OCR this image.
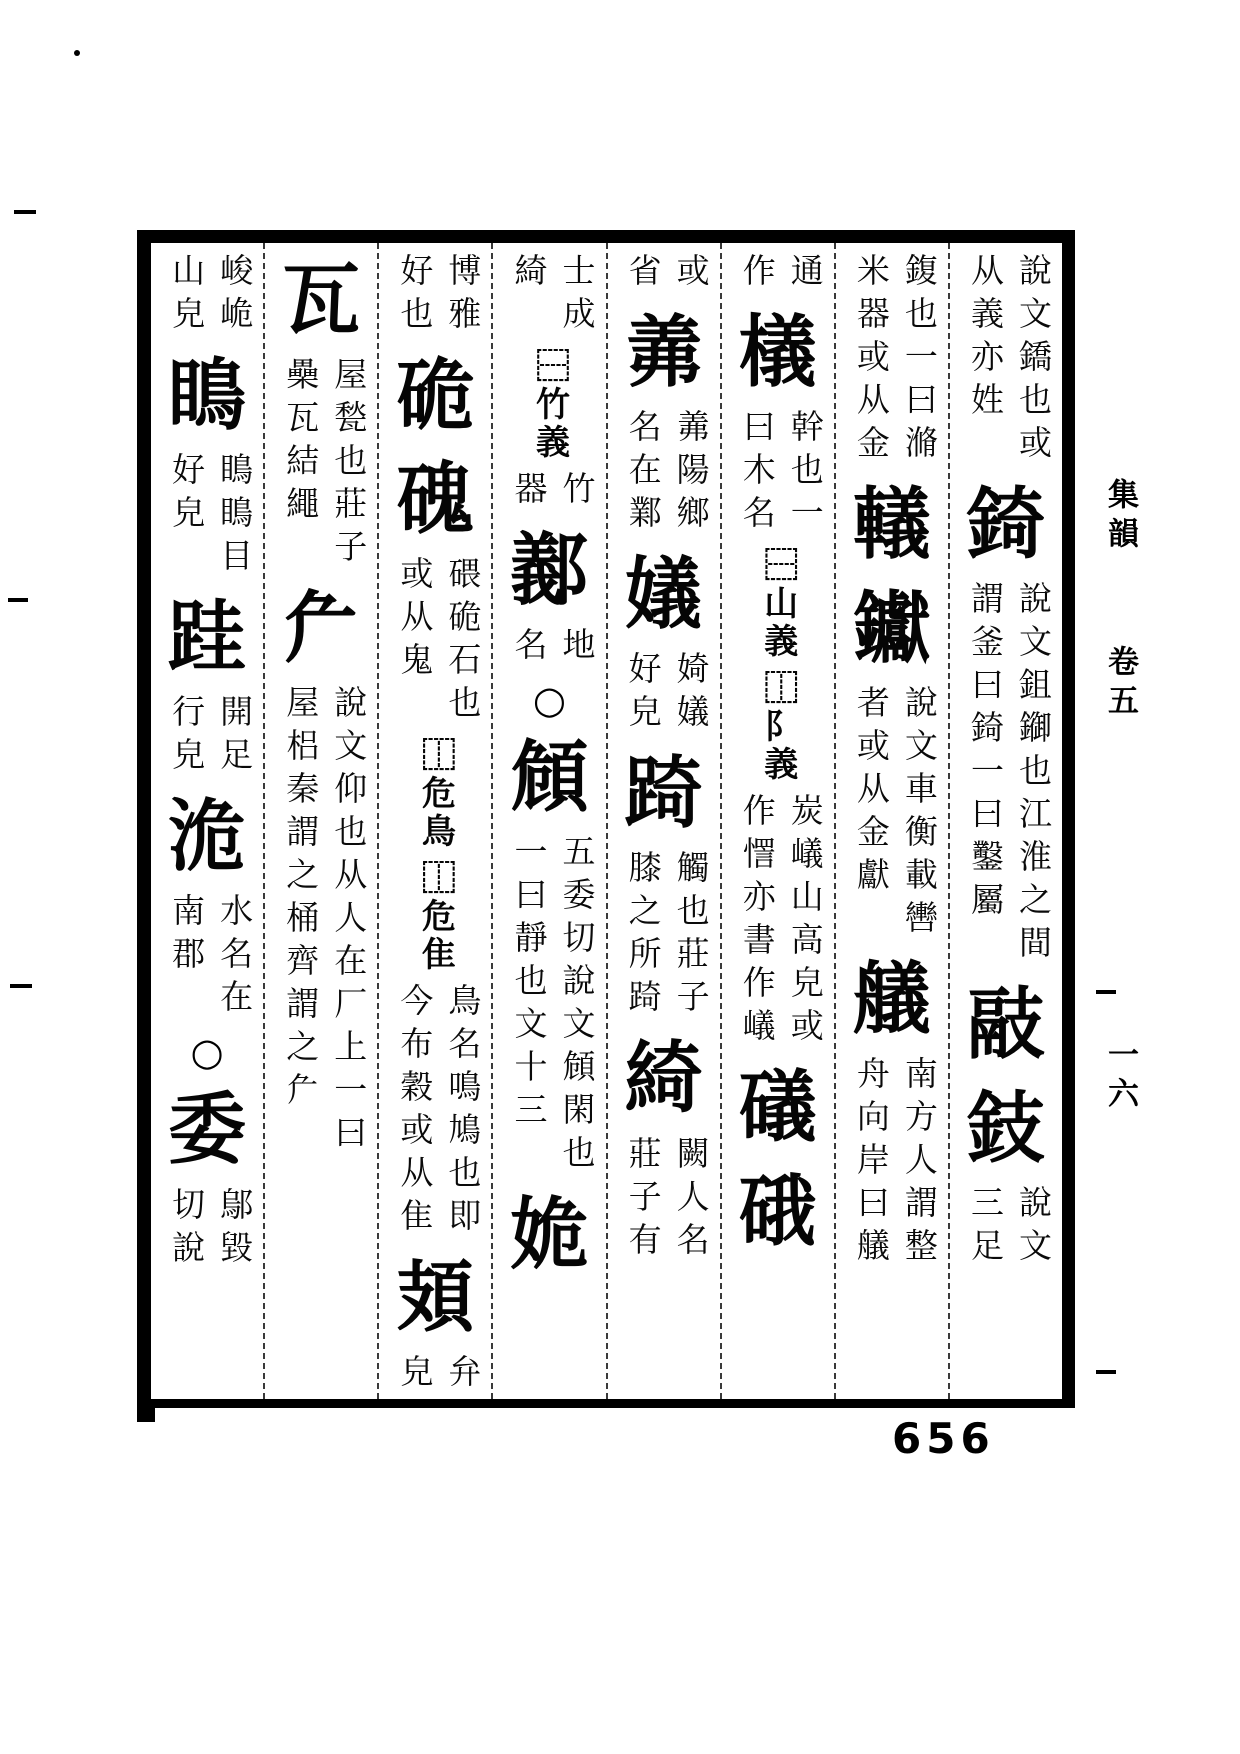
說文鐈也或
从義亦姓
錡
說文鉏䥏也江淮之間
謂釜曰錡一曰鑿屬
䰙
鈘
說文
三足
鍑也一曰滫
米器或从金
轙
钀
說文車衡載轡
者或从金獻
艤
南方人謂整
舟向岸曰艤
通
作
檥
幹也一
曰木名
⿱山義
⿰阝義
炭嶬山高皃或
作㦒亦書作嶬
礒
硪
或
省
羛
羛陽鄉
名在鄴
嬟
婍嬟
好皃
踦
觸也莊子
膝之所踦
綺
闕人名
莊子有
士成
綺
⿱竹義
竹
器
䣡
地
名
○
頠
五委切說文頠閑也
一曰靜也文十三
姽
博雅
好也
硊
磈
碨硊石也
或从鬼
⿰危鳥
⿰危隹
鳥名鳴鳩也即
今布穀或从隹
頍
弁
皃
瓦
屋甃也莊子
櫐瓦結繩
厃
說文仰也从人在厂上一曰
屋梠秦謂之桶齊謂之厃
峻峗
山皃
瞗
瞗瞗目
好皃
跬
開足
行皃
洈
水名在
南郡
○
委
鄔毀
切說
集韻
卷五
一六
656
